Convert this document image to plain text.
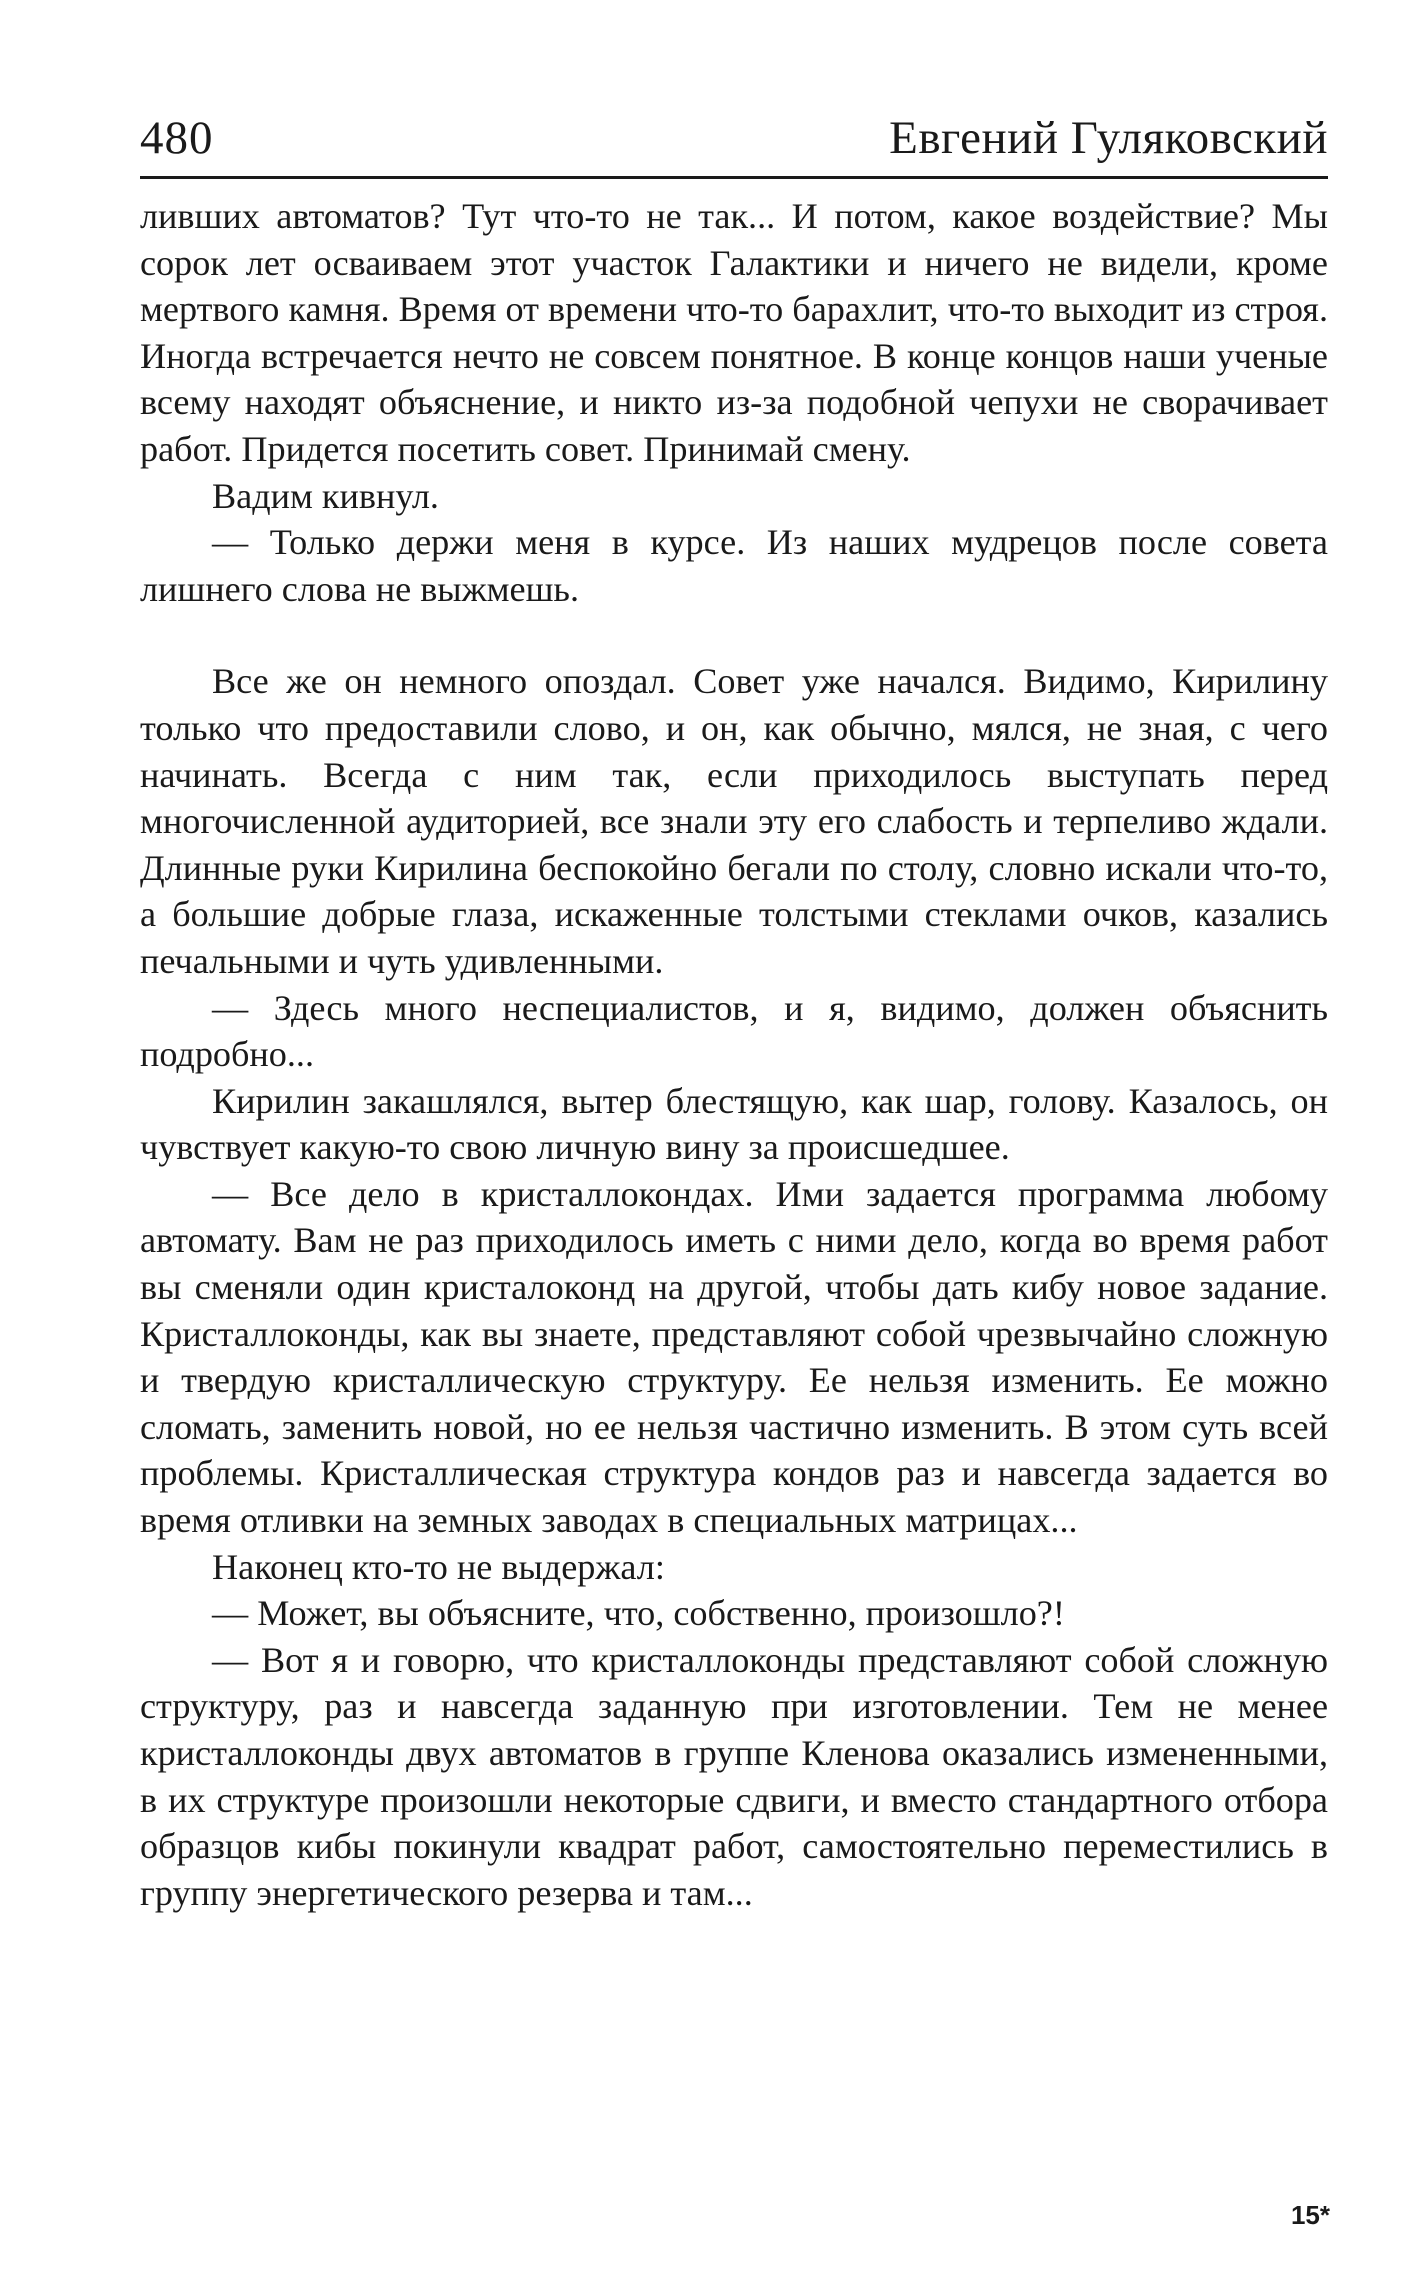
480	Евгений Гуляковский

ливших автоматов? Тут что-то не так... И потом, какое воздействие? Мы сорок лет осваиваем этот участок Галактики и ничего не видели, кроме мертвого камня. Время от времени что-то барахлит, что-то выходит из строя. Иногда встречается нечто не совсем понятное. В конце концов наши ученые всему находят объяснение, и никто из-за подобной чепухи не сворачивает работ. Придется посетить совет. Принимай смену.

Вадим кивнул.

— Только держи меня в курсе. Из наших мудрецов после совета лишнего слова не выжмешь.

Все же он немного опоздал. Совет уже начался. Видимо, Кирилину только что предоставили слово, и он, как обычно, мялся, не зная, с чего начинать. Всегда с ним так, если приходилось выступать перед многочисленной аудиторией, все знали эту его слабость и терпеливо ждали. Длинные руки Кирилина беспокойно бегали по столу, словно искали что-то, а большие добрые глаза, искаженные толстыми стеклами очков, казались печальными и чуть удивленными.

— Здесь много неспециалистов, и я, видимо, должен объяснить подробно...

Кирилин закашлялся, вытер блестящую, как шар, голову. Казалось, он чувствует какую-то свою личную вину за происшедшее.

— Все дело в кристаллокондах. Ими задается программа любому автомату. Вам не раз приходилось иметь с ними дело, когда во время работ вы сменяли один кристалоконд на другой, чтобы дать кибу новое задание. Кристаллоконды, как вы знаете, представляют собой чрезвычайно сложную и твердую кристаллическую структуру. Ее нельзя изменить. Ее можно сломать, заменить новой, но ее нельзя частично изменить. В этом суть всей проблемы. Кристаллическая структура кондов раз и навсегда задается во время отливки на земных заводах в специальных матрицах...

Наконец кто-то не выдержал:

— Может, вы объясните, что, собственно, произошло?!

— Вот я и говорю, что кристаллоконды представляют собой сложную структуру, раз и навсегда заданную при изготовлении. Тем не менее кристаллоконды двух автоматов в группе Кленова оказались измененными, в их структуре произошли некоторые сдвиги, и вместо стандартного отбора образцов кибы покинули квадрат работ, самостоятельно переместились в группу энергетического резерва и там...

15*
